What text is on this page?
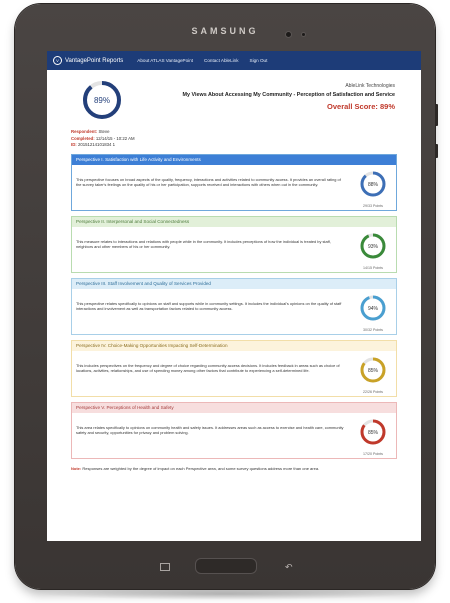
SAMSUNG
V	VantagePoint Reports	About ATLAS VantagePoint Contact AbleLink Sign Out
89%
AbleLink Technologies
My Views About Accessing My Community - Perception of Satisfaction and Service
Overall Score: 89%
Respondent: Steve
Completed: 12/14/15 - 10:22 AM
ID: 20151214101834 1
Perspective I. Satisfaction with Life Activity and Environments
This perspective focuses on broad aspects of the quality, frequency, interactions and activities related to community access. It provides an overall rating of the survey taker's feelings on the quality of his or her participation, supports received and interactions with others when out in the community.	88%
29/33 Points
Perspective II. Interpersonal and Social Connectedness
This measure relates to interactions and relations with people while in the community. It includes perceptions of how the individual is treated by staff, neighbors and other members of his or her community.	93%
14/15 Points
Perspective III. Staff Involvement and Quality of Services Provided
This perspective relates specifically to opinions on staff and supports while in community settings. It includes the individual's opinions on the quality of staff interactions and involvement as well as transportation factors related to community access.	94%
30/32 Points
Perspective IV. Choice-Making Opportunities Impacting Self-Determination
This includes perspectives on the frequency and degree of choice regarding community access decisions. It includes feedback in areas such as choice of locations, activities, relationships, and use of spending money among other factors that contribute to experiencing a self-determined life.	85%
22/26 Points
Perspective V. Perceptions of Health and Safety
This area relates specifically to opinions on community health and safety issues. It addresses areas such as access to exercise and health care, community safety and security, opportunities for privacy and problem solving.	85%
17/20 Points
Note: Responses are weighted by the degree of impact on each Perspective area, and some survey questions address more than one area.
↶
